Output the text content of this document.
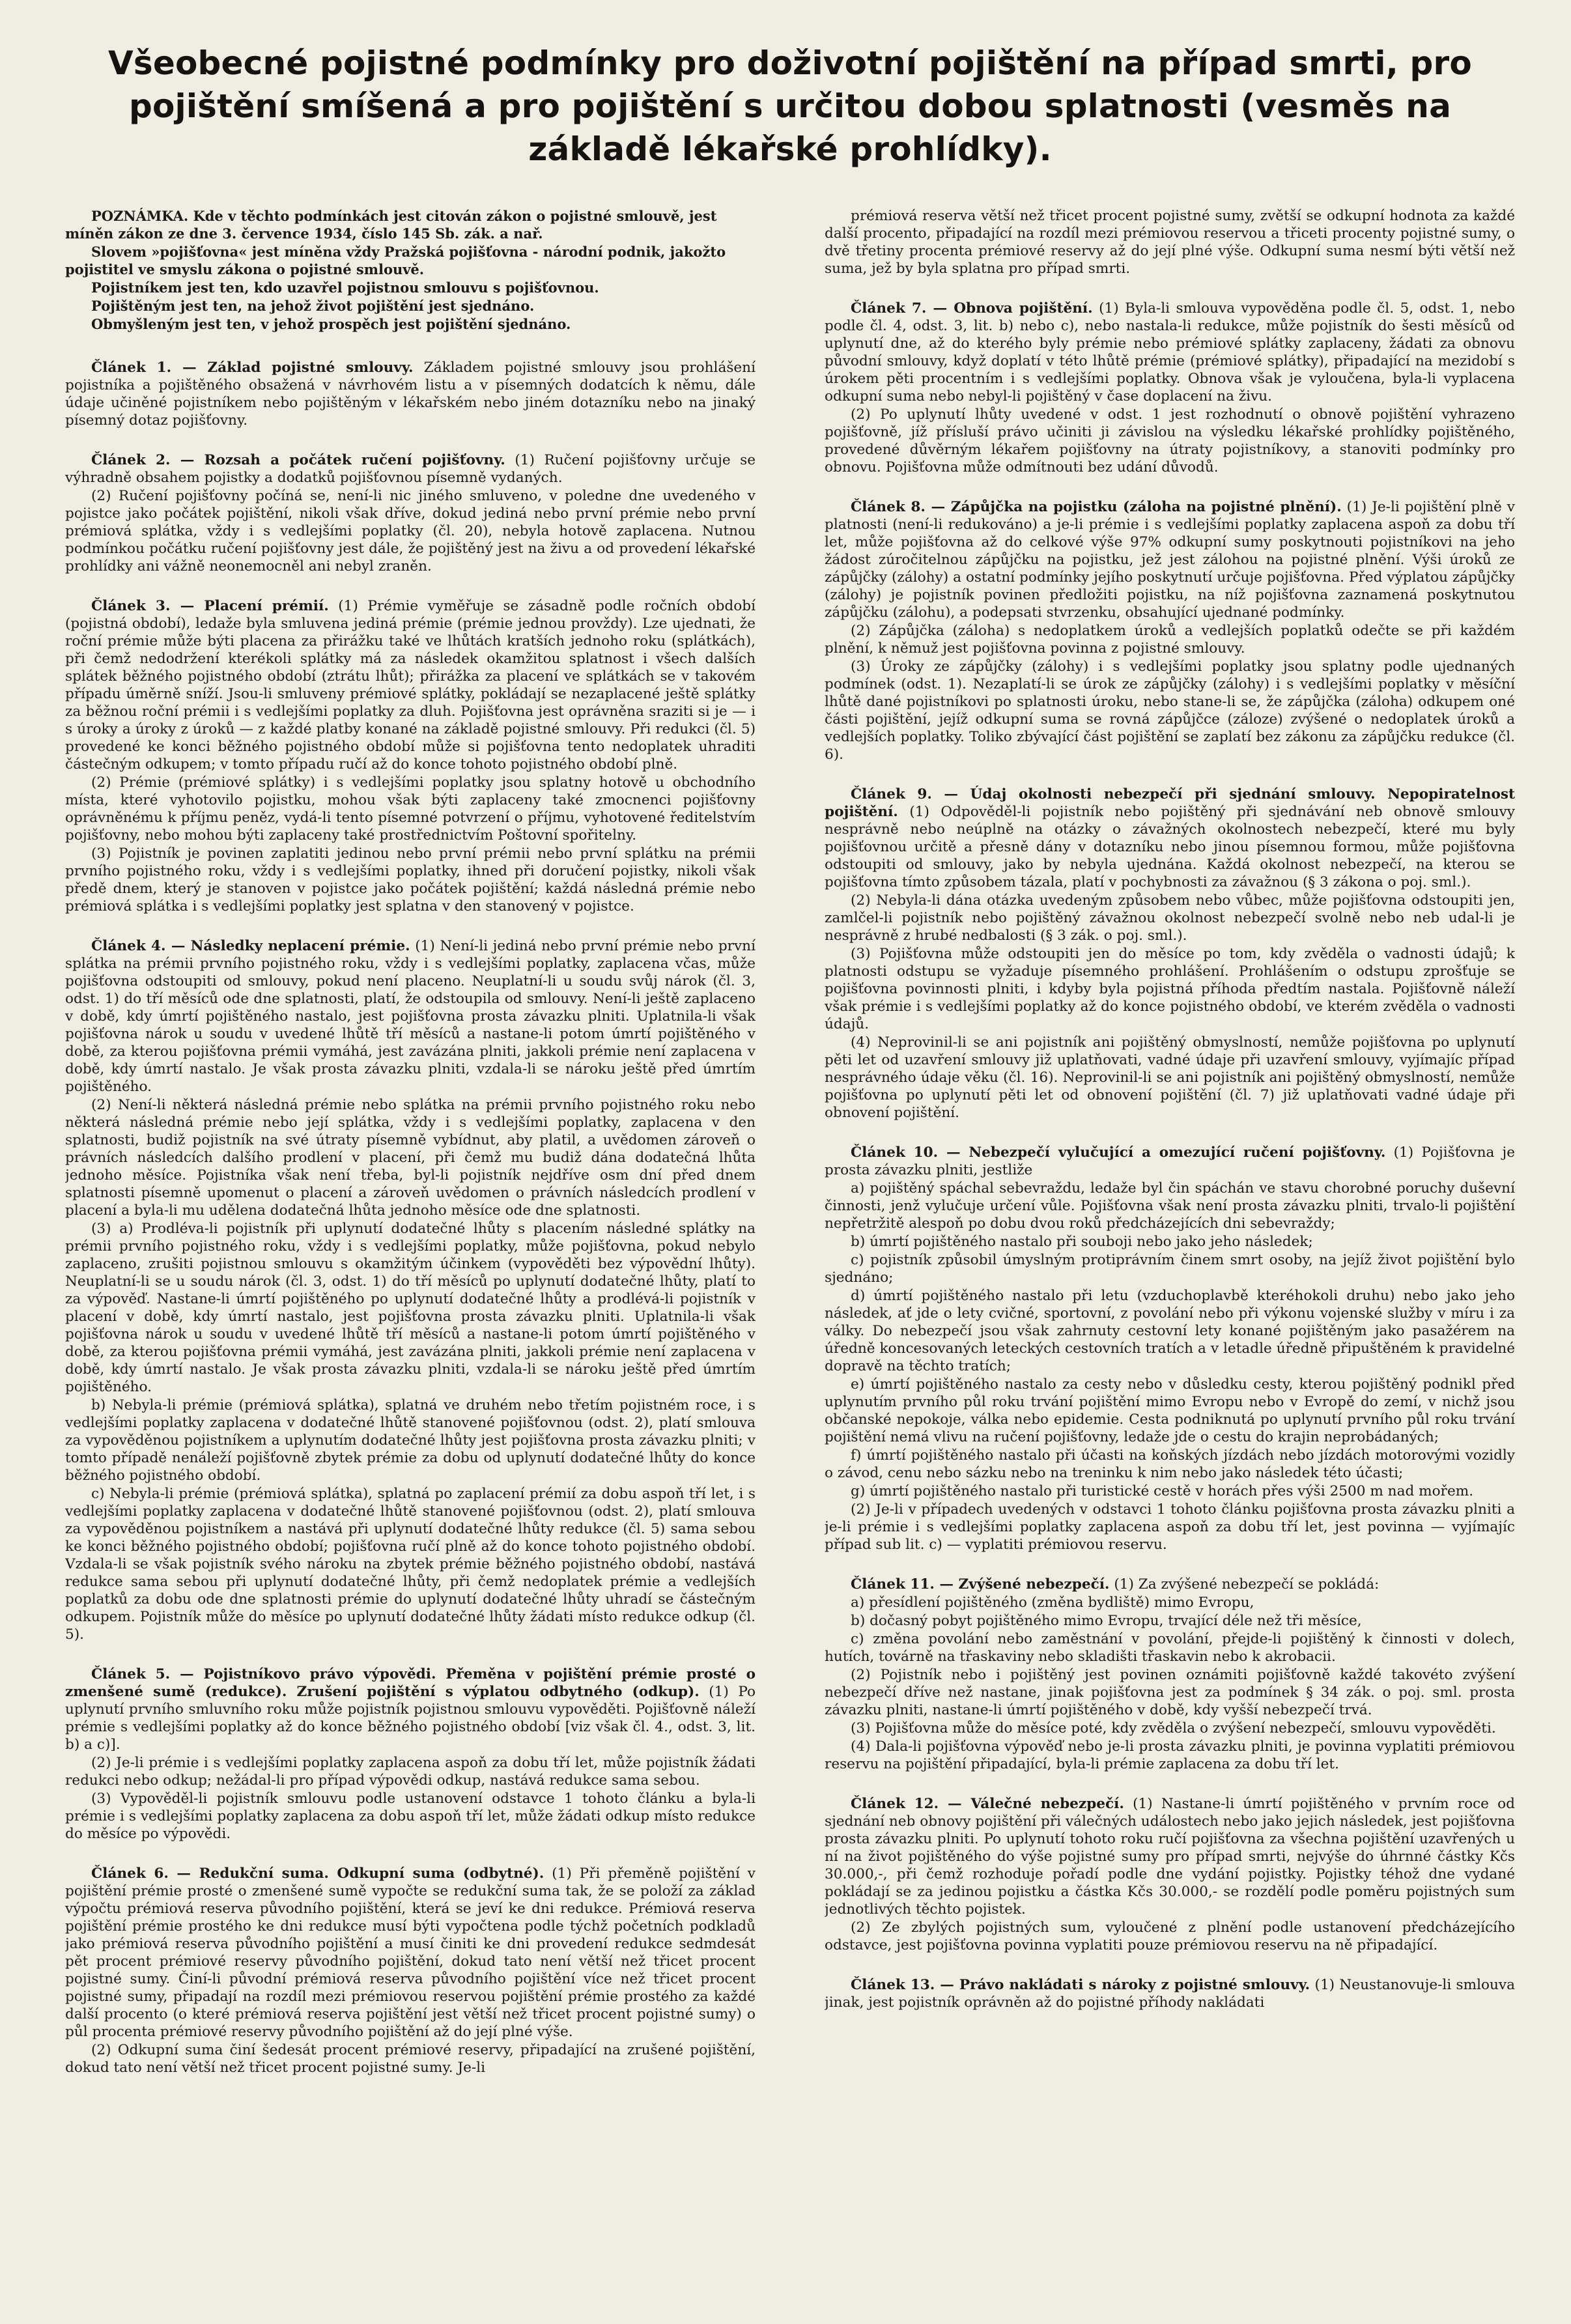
Všeobecné pojistné podmínky pro doživotní pojištění na případ smrti, pro pojištění smíšená a pro pojištění s určitou dobou splatnosti (vesměs na základě lékařské prohlídky).

POZNÁMKA. Kde v těchto podmínkách jest citován zákon o pojistné smlouvě, jest míněn zákon ze dne 3. července 1934, číslo 145 Sb. zák. a nař.

Slovem »pojišťovna« jest míněna vždy Pražská pojišťovna - národní podnik, jakožto pojistitel ve smyslu zákona o pojistné smlouvě.

Pojistníkem jest ten, kdo uzavřel pojistnou smlouvu s pojišťovnou.

Pojištěným jest ten, na jehož život pojištění jest sjednáno.

Obmyšleným jest ten, v jehož prospěch jest pojištění sjednáno.

Článek 1. — Základ pojistné smlouvy. Základem pojistné smlouvy jsou prohlášení pojistníka a pojištěného obsažená v návrhovém listu a v písemných dodatcích k němu, dále údaje učiněné pojistníkem nebo pojištěným v lékařském nebo jiném dotazníku nebo na jinaký písemný dotaz pojišťovny.

Článek 2. — Rozsah a počátek ručení pojišťovny. (1) Ručení pojišťovny určuje se výhradně obsahem pojistky a dodatků pojišťovnou písemně vydaných.

(2) Ručení pojišťovny počíná se, není-li nic jiného smluveno, v poledne dne uvedeného v pojistce jako počátek pojištění, nikoli však dříve, dokud jediná nebo první prémie nebo první prémiová splátka, vždy i s vedlejšími poplatky (čl. 20), nebyla hotově zaplacena. Nutnou podmínkou počátku ručení pojišťovny jest dále, že pojištěný jest na živu a od provedení lékařské prohlídky ani vážně neonemocněl ani nebyl zraněn.

Článek 3. — Placení prémií. (1) Prémie vyměřuje se zásadně podle ročních období (pojistná období), ledaže byla smluvena jediná prémie (prémie jednou provždy). Lze ujednati, že roční prémie může býti placena za přirážku také ve lhůtách kratších jednoho roku (splátkách), při čemž nedodržení kterékoli splátky má za následek okamžitou splatnost i všech dalších splátek běžného pojistného období (ztrátu lhůt); přirážka za placení ve splátkách se v takovém případu úměrně sníží. Jsou-li smluveny prémiové splátky, pokládají se nezaplacené ještě splátky za běžnou roční prémii i s vedlejšími poplatky za dluh. Pojišťovna jest oprávněna sraziti si je — i s úroky a úroky z úroků — z každé platby konané na základě pojistné smlouvy. Při redukci (čl. 5) provedené ke konci běžného pojistného období může si pojišťovna tento nedoplatek uhraditi částečným odkupem; v tomto případu ručí až do konce tohoto pojistného období plně.

(2) Prémie (prémiové splátky) i s vedlejšími poplatky jsou splatny hotově u obchodního místa, které vyhotovilo pojistku, mohou však býti zaplaceny také zmocnenci pojišťovny oprávněnému k příjmu peněz, vydá-li tento písemné potvrzení o příjmu, vyhotovené ředitelstvím pojišťovny, nebo mohou býti zaplaceny také prostřednictvím Poštovní spořitelny.

(3) Pojistník je povinen zaplatiti jedinou nebo první prémii nebo první splátku na prémii prvního pojistného roku, vždy i s vedlejšími poplatky, ihned při doručení pojistky, nikoli však předě dnem, který je stanoven v pojistce jako počátek pojištění; každá následná prémie nebo prémiová splátka i s vedlejšími poplatky jest splatna v den stanovený v pojistce.

Článek 4. — Následky neplacení prémie. (1) Není-li jediná nebo první prémie nebo první splátka na prémii prvního pojistného roku, vždy i s vedlejšími poplatky, zaplacena včas, může pojišťovna odstoupiti od smlouvy, pokud není placeno. Neuplatní-li u soudu svůj nárok (čl. 3, odst. 1) do tří měsíců ode dne splatnosti, platí, že odstoupila od smlouvy. Není-li ještě zaplaceno v době, kdy úmrtí pojištěného nastalo, jest pojišťovna prosta závazku plniti. Uplatnila-li však pojišťovna nárok u soudu v uvedené lhůtě tří měsíců a nastane-li potom úmrtí pojištěného v době, za kterou pojišťovna prémii vymáhá, jest zavázána plniti, jakkoli prémie není zaplacena v době, kdy úmrtí nastalo. Je však prosta závazku plniti, vzdala-li se nároku ještě před úmrtím pojištěného.

(2) Není-li některá následná prémie nebo splátka na prémii prvního pojistného roku nebo některá následná prémie nebo její splátka, vždy i s vedlejšími poplatky, zaplacena v den splatnosti, budiž pojistník na své útraty písemně vybídnut, aby platil, a uvědomen zároveň o právních následcích dalšího prodlení v placení, při čemž mu budiž dána dodatečná lhůta jednoho měsíce. Pojistníka však není třeba, byl-li pojistník nejdříve osm dní před dnem splatnosti písemně upomenut o placení a zároveň uvědomen o právních následcích prodlení v placení a byla-li mu udělena dodatečná lhůta jednoho měsíce ode dne splatnosti.

(3) a) Prodléva-li pojistník při uplynutí dodatečné lhůty s placením následné splátky na prémii prvního pojistného roku, vždy i s vedlejšími poplatky, může pojišťovna, pokud nebylo zaplaceno, zrušiti pojistnou smlouvu s okamžitým účinkem (vypověděti bez výpovědní lhůty). Neuplatní-li se u soudu nárok (čl. 3, odst. 1) do tří měsíců po uplynutí dodatečné lhůty, platí to za výpověď. Nastane-li úmrtí pojištěného po uplynutí dodatečné lhůty a prodlévá-li pojistník v placení v době, kdy úmrtí nastalo, jest pojišťovna prosta závazku plniti. Uplatnila-li však pojišťovna nárok u soudu v uvedené lhůtě tří měsíců a nastane-li potom úmrtí pojištěného v době, za kterou pojišťovna prémii vymáhá, jest zavázána plniti, jakkoli prémie není zaplacena v době, kdy úmrtí nastalo. Je však prosta závazku plniti, vzdala-li se nároku ještě před úmrtím pojištěného.

b) Nebyla-li prémie (prémiová splátka), splatná ve druhém nebo třetím pojistném roce, i s vedlejšími poplatky zaplacena v dodatečné lhůtě stanovené pojišťovnou (odst. 2), platí smlouva za vypověděnou pojistníkem a uplynutím dodatečné lhůty jest pojišťovna prosta závazku plniti; v tomto případě nenáleží pojišťovně zbytek prémie za dobu od uplynutí dodatečné lhůty do konce běžného pojistného období.

c) Nebyla-li prémie (prémiová splátka), splatná po zaplacení prémií za dobu aspoň tří let, i s vedlejšími poplatky zaplacena v dodatečné lhůtě stanovené pojišťovnou (odst. 2), platí smlouva za vypověděnou pojistníkem a nastává při uplynutí dodatečné lhůty redukce (čl. 5) sama sebou ke konci běžného pojistného období; pojišťovna ručí plně až do konce tohoto pojistného období. Vzdala-li se však pojistník svého nároku na zbytek prémie běžného pojistného období, nastává redukce sama sebou při uplynutí dodatečné lhůty, při čemž nedoplatek prémie a vedlejších poplatků za dobu ode dne splatnosti prémie do uplynutí dodatečné lhůty uhradí se částečným odkupem. Pojistník může do měsíce po uplynutí dodatečné lhůty žádati místo redukce odkup (čl. 5).

Článek 5. — Pojistníkovo právo výpovědi. Přeměna v pojištění prémie prosté o zmenšené sumě (redukce). Zrušení pojištění s výplatou odbytného (odkup). (1) Po uplynutí prvního smluvního roku může pojistník pojistnou smlouvu vypověděti. Pojišťovně náleží prémie s vedlejšími poplatky až do konce běžného pojistného období [viz však čl. 4., odst. 3, lit. b) a c)].

(2) Je-li prémie i s vedlejšími poplatky zaplacena aspoň za dobu tří let, může pojistník žádati redukci nebo odkup; nežádal-li pro případ výpovědi odkup, nastává redukce sama sebou.

(3) Vypověděl-li pojistník smlouvu podle ustanovení odstavce 1 tohoto článku a byla-li prémie i s vedlejšími poplatky zaplacena za dobu aspoň tří let, může žádati odkup místo redukce do měsíce po výpovědi.

Článek 6. — Redukční suma. Odkupní suma (odbytné). (1) Při přeměně pojištění v pojištění prémie prosté o zmenšené sumě vypočte se redukční suma tak, že se položí za základ výpočtu prémiová reserva původního pojištění, která se jeví ke dni redukce. Prémiová reserva pojištění prémie prostého ke dni redukce musí býti vypočtena podle týchž početních podkladů jako prémiová reserva původního pojištění a musí činiti ke dni provedení redukce sedmdesát pět procent prémiové reservy původního pojištění, dokud tato není větší než třicet procent pojistné sumy. Činí-li původní prémiová reserva původního pojištění více než třicet procent pojistné sumy, připadají na rozdíl mezi prémiovou reservou pojištění prémie prostého za každé další procento (o které prémiová reserva pojištění jest větší než třicet procent pojistné sumy) o půl procenta prémiové reservy původního pojištění až do její plné výše.

(2) Odkupní suma činí šedesát procent prémiové reservy, připadající na zrušené pojištění, dokud tato není větší než třicet procent pojistné sumy. Je-li

prémiová reserva větší než třicet procent pojistné sumy, zvětší se odkupní hodnota za každé další procento, připadající na rozdíl mezi prémiovou reservou a třiceti procenty pojistné sumy, o dvě třetiny procenta prémiové reservy až do její plné výše. Odkupní suma nesmí býti větší než suma, jež by byla splatna pro případ smrti.

Článek 7. — Obnova pojištění. (1) Byla-li smlouva vypověděna podle čl. 5, odst. 1, nebo podle čl. 4, odst. 3, lit. b) nebo c), nebo nastala-li redukce, může pojistník do šesti měsíců od uplynutí dne, až do kterého byly prémie nebo prémiové splátky zaplaceny, žádati za obnovu původní smlouvy, když doplatí v této lhůtě prémie (prémiové splátky), připadající na mezidobí s úrokem pěti procentním i s vedlejšími poplatky. Obnova však je vyloučena, byla-li vyplacena odkupní suma nebo nebyl-li pojištěný v čase doplacení na živu.

(2) Po uplynutí lhůty uvedené v odst. 1 jest rozhodnutí o obnově pojištění vyhrazeno pojišťovně, jíž přísluší právo učiniti ji závislou na výsledku lékařské prohlídky pojištěného, provedené důvěrným lékařem pojišťovny na útraty pojistníkovy, a stanoviti podmínky pro obnovu. Pojišťovna může odmítnouti bez udání důvodů.

Článek 8. — Zápůjčka na pojistku (záloha na pojistné plnění). (1) Je-li pojištění plně v platnosti (není-li redukováno) a je-li prémie i s vedlejšími poplatky zaplacena aspoň za dobu tří let, může pojišťovna až do celkové výše 97% odkupní sumy poskytnouti pojistníkovi na jeho žádost zúročitelnou zápůjčku na pojistku, jež jest zálohou na pojistné plnění. Výši úroků ze zápůjčky (zálohy) a ostatní podmínky jejího poskytnutí určuje pojišťovna. Před výplatou zápůjčky (zálohy) je pojistník povinen předložiti pojistku, na níž pojišťovna zaznamená poskytnutou zápůjčku (zálohu), a podepsati stvrzenku, obsahující ujednané podmínky.

(2) Zápůjčka (záloha) s nedoplatkem úroků a vedlejších poplatků odečte se při každém plnění, k němuž jest pojišťovna povinna z pojistné smlouvy.

(3) Úroky ze zápůjčky (zálohy) i s vedlejšími poplatky jsou splatny podle ujednaných podmínek (odst. 1). Nezaplatí-li se úrok ze zápůjčky (zálohy) i s vedlejšími poplatky v měsíční lhůtě dané pojistníkovi po splatnosti úroku, nebo stane-li se, že zápůjčka (záloha) odkupem oné části pojištění, jejíž odkupní suma se rovná zápůjčce (záloze) zvýšené o nedoplatek úroků a vedlejších poplatky. Toliko zbývající část pojištění se zaplatí bez zákonu za zápůjčku redukce (čl. 6).

Článek 9. — Údaj okolnosti nebezpečí při sjednání smlouvy. Nepopiratelnost pojištění. (1) Odpověděl-li pojistník nebo pojištěný při sjednávání neb obnově smlouvy nesprávně nebo neúplně na otázky o závažných okolnostech nebezpečí, které mu byly pojišťovnou určitě a přesně dány v dotazníku nebo jinou písemnou formou, může pojišťovna odstoupiti od smlouvy, jako by nebyla ujednána. Každá okolnost nebezpečí, na kterou se pojišťovna tímto způsobem tázala, platí v pochybnosti za závažnou (§ 3 zákona o poj. sml.).

(2) Nebyla-li dána otázka uvedeným způsobem nebo vůbec, může pojišťovna odstoupiti jen, zamlčel-li pojistník nebo pojištěný závažnou okolnost nebezpečí svolně nebo neb udal-li je nesprávně z hrubé nedbalosti (§ 3 zák. o poj. sml.).

(3) Pojišťovna může odstoupiti jen do měsíce po tom, kdy zvěděla o vadnosti údajů; k platnosti odstupu se vyžaduje písemného prohlášení. Prohlášením o odstupu zprošťuje se pojišťovna povinnosti plniti, i kdyby byla pojistná příhoda předtím nastala. Pojišťovně náleží však prémie i s vedlejšími poplatky až do konce pojistného období, ve kterém zvěděla o vadnosti údajů.

(4) Neprovinil-li se ani pojistník ani pojištěný obmyslností, nemůže pojišťovna po uplynutí pěti let od uzavření smlouvy již uplatňovati, vadné údaje při uzavření smlouvy, vyjímajíc případ nesprávného údaje věku (čl. 16). Neprovinil-li se ani pojistník ani pojištěný obmyslností, nemůže pojišťovna po uplynutí pěti let od obnovení pojištění (čl. 7) již uplatňovati vadné údaje při obnovení pojištění.

Článek 10. — Nebezpečí vylučující a omezující ručení pojišťovny. (1) Pojišťovna je prosta závazku plniti, jestliže

a) pojištěný spáchal sebevraždu, ledaže byl čin spáchán ve stavu chorobné poruchy duševní činnosti, jenž vylučuje určení vůle. Pojišťovna však není prosta závazku plniti, trvalo-li pojištění nepřetržitě alespoň po dobu dvou roků předcházejících dni sebevraždy;

b) úmrtí pojištěného nastalo při souboji nebo jako jeho následek;

c) pojistník způsobil úmyslným protiprávním činem smrt osoby, na jejíž život pojištění bylo sjednáno;

d) úmrtí pojištěného nastalo při letu (vzduchoplavbě kteréhokoli druhu) nebo jako jeho následek, ať jde o lety cvičné, sportovní, z povolání nebo při výkonu vojenské služby v míru i za války. Do nebezpečí jsou však zahrnuty cestovní lety konané pojištěným jako pasažérem na úředně koncesovaných leteckých cestovních tratích a v letadle úředně připuštěném k pravidelné dopravě na těchto tratích;

e) úmrtí pojištěného nastalo za cesty nebo v důsledku cesty, kterou pojištěný podnikl před uplynutím prvního půl roku trvání pojištění mimo Evropu nebo v Evropě do zemí, v nichž jsou občanské nepokoje, válka nebo epidemie. Cesta podniknutá po uplynutí prvního půl roku trvání pojištění nemá vlivu na ručení pojišťovny, ledaže jde o cestu do krajin neprobádaných;

f) úmrtí pojištěného nastalo při účasti na koňských jízdách nebo jízdách motorovými vozidly o závod, cenu nebo sázku nebo na treninku k nim nebo jako následek této účasti;

g) úmrtí pojištěného nastalo při turistické cestě v horách přes výši 2500 m nad mořem.

(2) Je-li v případech uvedených v odstavci 1 tohoto článku pojišťovna prosta závazku plniti a je-li prémie i s vedlejšími poplatky zaplacena aspoň za dobu tří let, jest povinna — vyjímajíc případ sub lit. c) — vyplatiti prémiovou reservu.

Článek 11. — Zvýšené nebezpečí. (1) Za zvýšené nebezpečí se pokládá:

a) přesídlení pojištěného (změna bydliště) mimo Evropu,

b) dočasný pobyt pojištěného mimo Evropu, trvající déle než tři měsíce,

c) změna povolání nebo zaměstnání v povolání, přejde-li pojištěný k činnosti v dolech, hutích, továrně na třaskaviny nebo skladišti třaskavin nebo k akrobacii.

(2) Pojistník nebo i pojištěný jest povinen oznámiti pojišťovně každé takovéto zvýšení nebezpečí dříve než nastane, jinak pojišťovna jest za podmínek § 34 zák. o poj. sml. prosta závazku plniti, nastane-li úmrtí pojištěného v době, kdy vyšší nebezpečí trvá.

(3) Pojišťovna může do měsíce poté, kdy zvěděla o zvýšení nebezpečí, smlouvu vypověděti.

(4) Dala-li pojišťovna výpověď nebo je-li prosta závazku plniti, je povinna vyplatiti prémiovou reservu na pojištění připadající, byla-li prémie zaplacena za dobu tří let.

Článek 12. — Válečné nebezpečí. (1) Nastane-li úmrtí pojištěného v prvním roce od sjednání neb obnovy pojištění při válečných událostech nebo jako jejich následek, jest pojišťovna prosta závazku plniti. Po uplynutí tohoto roku ručí pojišťovna za všechna pojištění uzavřených u ní na život pojištěného do výše pojistné sumy pro případ smrti, nejvýše do úhrnné částky Kčs 30.000,-, při čemž rozhoduje pořadí podle dne vydání pojistky. Pojistky téhož dne vydané pokládají se za jedinou pojistku a částka Kčs 30.000,- se rozdělí podle poměru pojistných sum jednotlivých těchto pojistek.

(2) Ze zbylých pojistných sum, vyloučené z plnění podle ustanovení předcházejícího odstavce, jest pojišťovna povinna vyplatiti pouze prémiovou reservu na ně připadající.

Článek 13. — Právo nakládati s nároky z pojistné smlouvy. (1) Neustanovuje-li smlouva jinak, jest pojistník oprávněn až do pojistné příhody nakládati
